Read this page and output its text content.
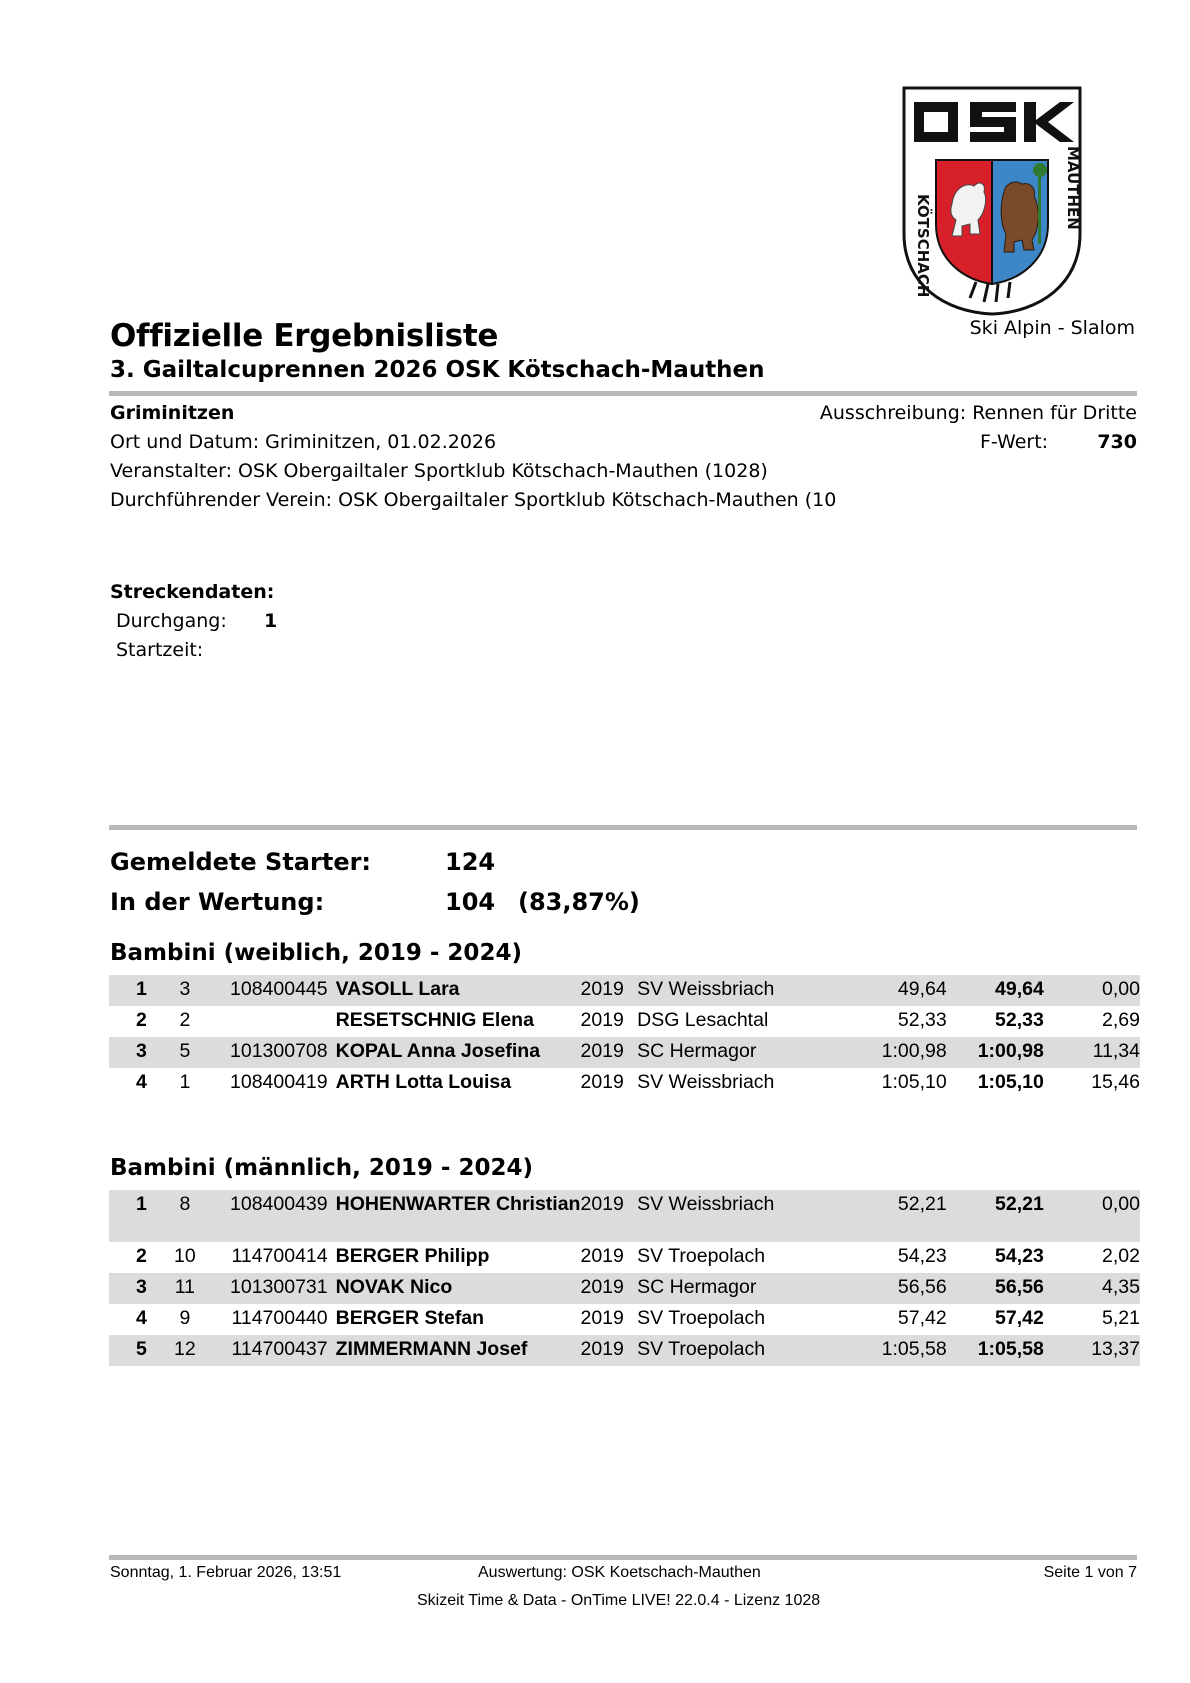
KÖTSCHACH
MAUTHEN
Ski Alpin - Slalom
Offizielle Ergebnisliste
3. Gailtalcuprennen 2026 OSK Kötschach-Mauthen
Griminitzen
Ort und Datum: Griminitzen, 01.02.2026
Veranstalter: OSK Obergailtaler Sportklub Kötschach-Mauthen (1028)
Durchführender Verein: OSK Obergailtaler Sportklub Kötschach-Mauthen (10
Ausschreibung: Rennen für Dritte
F-Wert:	730
Streckendaten:
Durchgang: 1
Startzeit:
Gemeldete Starter:	124
In der Wertung:	104 (83,87%)
Bambini (weiblich, 2019 - 2024)
1	3	108400445	VASOLL Lara	2019	SV Weissbriach	49,64	49,64	0,00
2	2		RESETSCHNIG Elena	2019	DSG Lesachtal	52,33	52,33	2,69
3	5	101300708	KOPAL Anna Josefina	2019	SC Hermagor	1:00,98	1:00,98	11,34
4	1	108400419	ARTH Lotta Louisa	2019	SV Weissbriach	1:05,10	1:05,10	15,46
Bambini (männlich, 2019 - 2024)
1	8	108400439	HOHENWARTER Christian	2019	SV Weissbriach	52,21	52,21	0,00
2	10	114700414	BERGER Philipp	2019	SV Troepolach	54,23	54,23	2,02
3	11	101300731	NOVAK Nico	2019	SC Hermagor	56,56	56,56	4,35
4	9	114700440	BERGER Stefan	2019	SV Troepolach	57,42	57,42	5,21
5	12	114700437	ZIMMERMANN Josef	2019	SV Troepolach	1:05,58	1:05,58	13,37
Sonntag, 1. Februar 2026, 13:51	Auswertung: OSK Koetschach-Mauthen	Seite 1 von 7
Skizeit Time & Data - OnTime LIVE! 22.0.4 - Lizenz 1028
